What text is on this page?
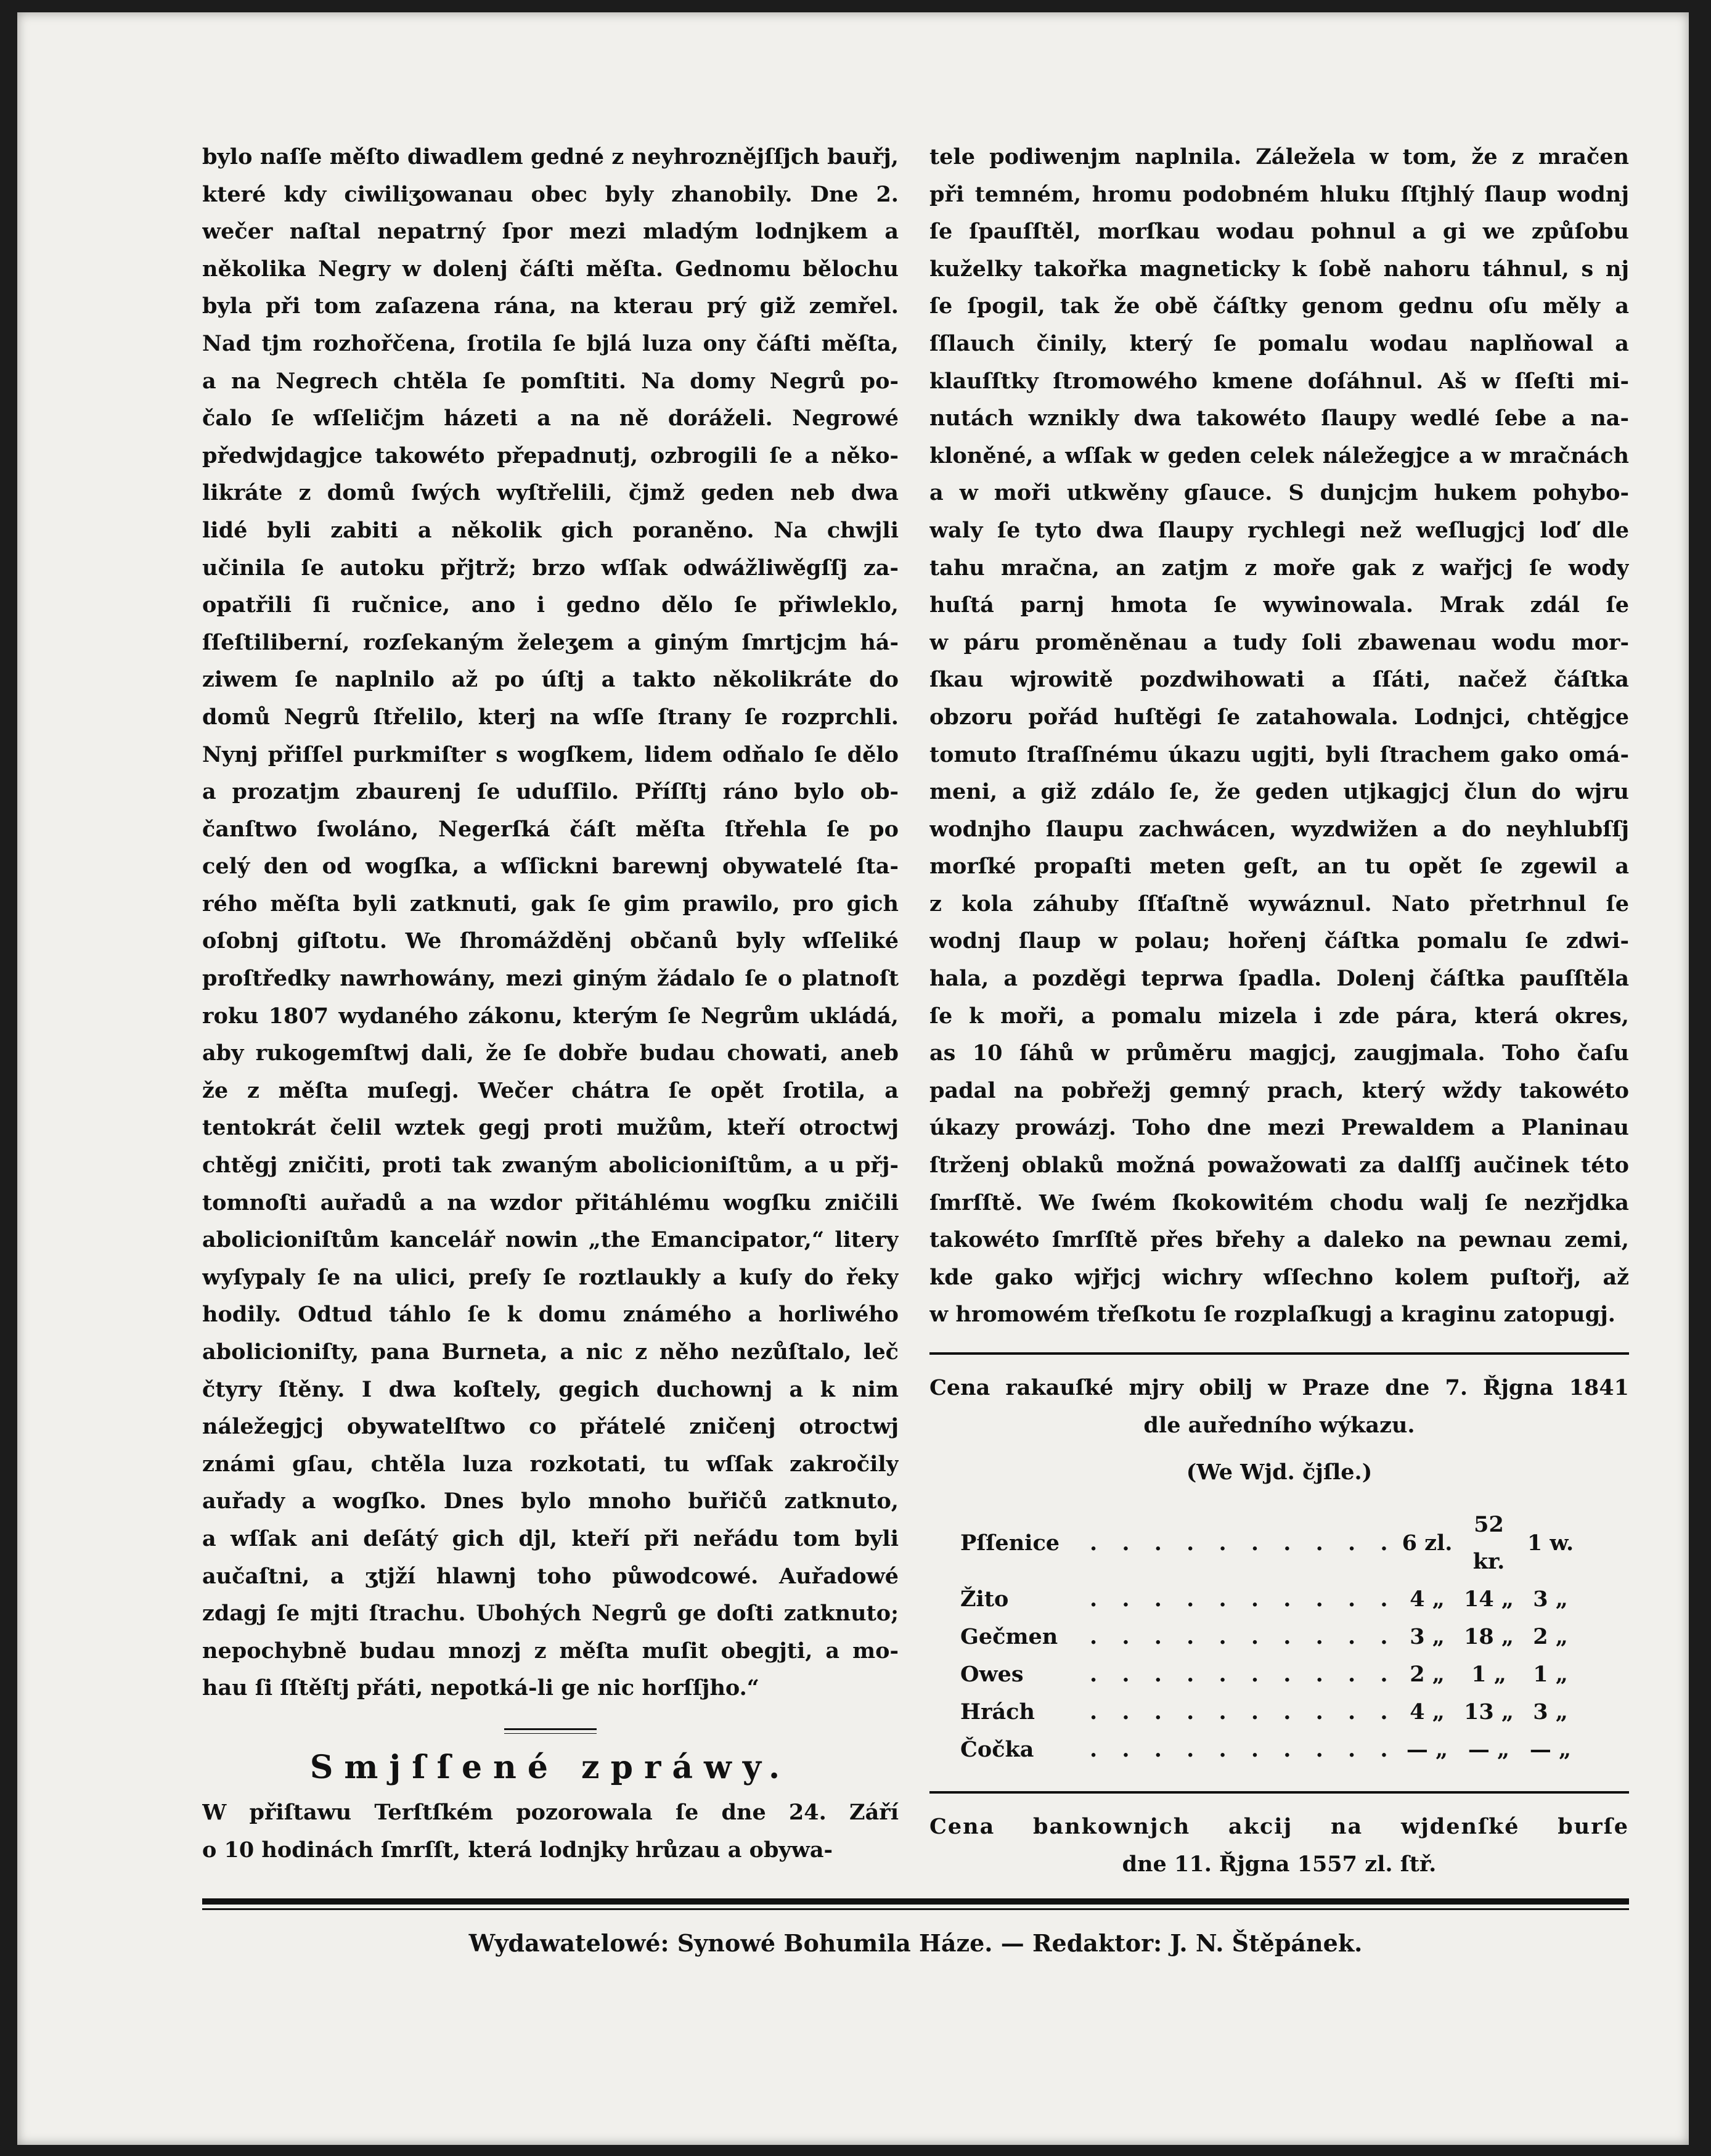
bylo naſſe měſto diwadlem gedné z neyhroznějſſjch bauřj,
které kdy ciwiliʒowanau obec byly zhanobily. Dne 2.
wečer naſtal nepatrný ſpor mezi mladým lodnjkem a
několika Negry w dolenj čáſti měſta. Gednomu bělochu
byla při tom zaſazena rána, na kterau prý giž zemřel.
Nad tjm rozhořčena, ſrotila ſe bjlá luza ony čáſti měſta,
a na Negrech chtěla ſe pomſtiti. Na domy Negrů po-
čalo ſe wſſeličjm házeti a na ně doráželi. Negrowé
předwjdagjce takowéto přepadnutj, ozbrogili ſe a něko-
likráte z domů ſwých wyſtřelili, čjmž geden neb dwa
lidé byli zabiti a několik gich poraněno. Na chwjli
učinila ſe autoku přjtrž; brzo wſſak odwážliwěgſſj za-
opatřili ſi ručnice, ano i gedno dělo ſe přiwleklo,
ſſeſtiliberní, rozſekaným želeʒem a giným ſmrtjcjm há-
ziwem ſe naplnilo až po úſtj a takto několikráte do
domů Negrů ſtřelilo, kterj na wſſe ſtrany ſe rozprchli.
Nynj přiſſel purkmiſter s wogſkem, lidem odňalo ſe dělo
a prozatjm zbaurenj ſe uduſſilo. Příſſtj ráno bylo ob-
čanſtwo ſwoláno, Negerſká čáſt měſta ſtřehla ſe po
celý den od wogſka, a wſſickni barewnj obywatelé ſta-
rého měſta byli zatknuti, gak ſe gim prawilo, pro gich
oſobnj giſtotu. We ſhromážděnj občanů byly wſſeliké
proſtředky nawrhowány, mezi giným žádalo ſe o platnoſt
roku 1807 wydaného zákonu, kterým ſe Negrům ukládá,
aby rukogemſtwj dali, že ſe dobře budau chowati, aneb
že z měſta muſegj. Wečer chátra ſe opět ſrotila, a
tentokrát čelil wztek gegj proti mužům, kteří otroctwj
chtěgj zničiti, proti tak zwaným abolicioniſtům, a u přj-
tomnoſti auřadů a na wzdor přitáhlému wogſku zničili
abolicioniſtům kancelář nowin „the Emancipator,“ litery
wyſypaly ſe na ulici, preſy ſe roztlaukly a kuſy do řeky
hodily. Odtud táhlo ſe k domu známého a horliwého
abolicioniſty, pana Burneta, a nic z něho nezůſtalo, leč
čtyry ſtěny. I dwa koſtely, gegich duchownj a k nim
náležegjcj obywatelſtwo co přátelé zničenj otroctwj
známi gſau, chtěla luza rozkotati, tu wſſak zakročily
auřady a wogſko. Dnes bylo mnoho buřičů zatknuto,
a wſſak ani deſátý gich djl, kteří při neřádu tom byli
aučaſtni, a ʒtjží hlawnj toho půwodcowé. Auřadowé
zdagj ſe mjti ſtrachu. Ubohých Negrů ge doſti zatknuto;
nepochybně budau mnozj z měſta muſit obegjti, a mo-
hau ſi ſſtěſtj přáti, nepotká-li ge nic horſſjho.“
Smjſſené zpráwy.
W přiſtawu Terſtſkém pozorowala ſe dne 24. Září
o 10 hodinách ſmrſſt, která lodnjky hrůzau a obywa-
tele podiwenjm naplnila. Záležela w tom, že z mračen
při temném, hromu podobném hluku ſſtjhlý ſlaup wodnj
ſe ſpauſſtěl, morſkau wodau pohnul a gi we způſobu
kuželky takořka magneticky k ſobě nahoru táhnul, s nj
ſe ſpogil, tak že obě čáſtky genom gednu oſu měly a
ſſlauch činily, který ſe pomalu wodau naplňowal a
klauſſtky ſtromowého kmene doſáhnul. Aš w ſſeſti mi-
nutách wznikly dwa takowéto ſlaupy wedlé ſebe a na-
kloněné, a wſſak w geden celek náležegjce a w mračnách
a w moři utkwěny gſauce. S dunjcjm hukem pohybo-
waly ſe tyto dwa ſlaupy rychlegi než weſlugjcj loď dle
tahu mračna, an zatjm z moře gak z wařjcj ſe wody
huſtá parnj hmota ſe wywinowala. Mrak zdál ſe
w páru proměněnau a tudy ſoli zbawenau wodu mor-
ſkau wjrowitě pozdwihowati a ſſáti, načež čáſtka
obzoru pořád huſtěgi ſe zatahowala. Lodnjci, chtěgjce
tomuto ſtraſſnému úkazu ugjti, byli ſtrachem gako omá-
meni, a giž zdálo ſe, že geden utjkagjcj člun do wjru
wodnjho ſlaupu zachwácen, wyzdwižen a do neyhlubſſj
morſké propaſti meten geſt, an tu opět ſe zgewil a
z kola záhuby ſſťaſtně wywáznul. Nato přetrhnul ſe
wodnj ſlaup w polau; hořenj čáſtka pomalu ſe zdwi-
hala, a pozděgi teprwa ſpadla. Dolenj čáſtka pauſſtěla
ſe k moři, a pomalu mizela i zde pára, která okres,
as 10 ſáhů w průměru magjcj, zaugjmala. Toho čaſu
padal na pobřežj gemný prach, který wždy takowéto
úkazy prowázj. Toho dne mezi Prewaldem a Planinau
ſtrženj oblaků možná powažowati za dalſſj aučinek této
ſmrſſtě. We ſwém ſkokowitém chodu walj ſe nezřjdka
takowéto ſmrſſtě přes břehy a daleko na pewnau zemi,
kde gako wjřjcj wichry wſſechno kolem puſtořj, až
w hromowém třeſkotu ſe rozplaſkugj a kraginu zatopugj.
Cena rakauſké mjry obilj w Praze dne 7. Řjgna 1841
dle auředního wýkazu.
(We Wjd. čjſle.)
Pſſenice	. . . . . . . . . .	6 zl.	52 kr.	1 w.
Žito	. . . . . . . . . .	4 „	14 „	3 „
Gečmen	. . . . . . . . . .	3 „	18 „	2 „
Owes	. . . . . . . . . .	2 „	1 „	1 „
Hrách	. . . . . . . . . .	4 „	13 „	3 „
Čočka	. . . . . . . . . .	— „	— „	— „
Cena bankownjch akcij na wjdenſké burſe
dne 11. Řjgna 1557 zl. ſtř.
Wydawatelowé: Synowé Bohumila Háze. — Redaktor: J. N. Štěpánek.
